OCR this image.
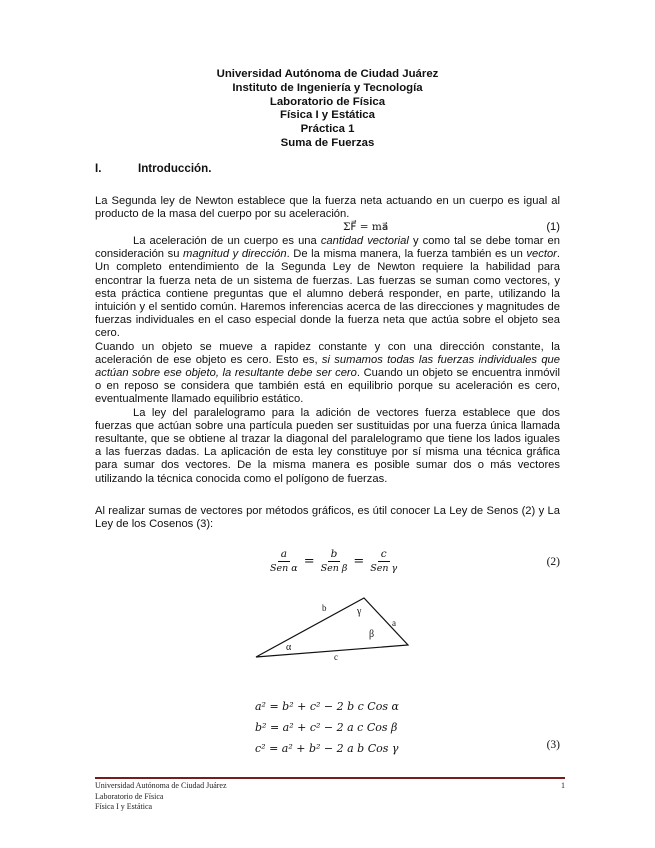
Universidad Autónoma de Ciudad Juárez
Instituto de Ingeniería y Tecnología
Laboratorio de Física
Física I y Estática
Práctica 1
Suma de Fuerzas
I.	Introducción.

La Segunda ley de Newton establece que la fuerza neta actuando en un cuerpo es igual al producto de la masa del cuerpo por su aceleración.

ΣF⃗ = ma⃗	(1)

La aceleración de un cuerpo es una cantidad vectorial y como tal se debe tomar en consideración su magnitud y dirección. De la misma manera, la fuerza también es un vector. Un completo entendimiento de la Segunda Ley de Newton requiere la habilidad para encontrar la fuerza neta de un sistema de fuerzas. Las fuerzas se suman como vectores, y esta práctica contiene preguntas que el alumno deberá responder, en parte, utilizando la intuición y el sentido común. Haremos inferencias acerca de las direcciones y magnitudes de fuerzas individuales en el caso especial donde la fuerza neta que actúa sobre el objeto sea cero.

Cuando un objeto se mueve a rapidez constante y con una dirección constante, la aceleración de ese objeto es cero. Esto es, si sumamos todas las fuerzas individuales que actúan sobre ese objeto, la resultante debe ser cero. Cuando un objeto se encuentra inmóvil o en reposo se considera que también está en equilibrio porque su aceleración es cero, eventualmente llamado equilibrio estático.

La ley del paralelogramo para la adición de vectores fuerza establece que dos fuerzas que actúan sobre una partícula pueden ser sustituidas por una fuerza única llamada resultante, que se obtiene al trazar la diagonal del paralelogramo que tiene los lados iguales a las fuerzas dadas. La aplicación de esta ley constituye por sí misma una técnica gráfica para sumar dos vectores. De la misma manera es posible sumar dos o más vectores utilizando la técnica conocida como el polígono de fuerzas.

Al realizar sumas de vectores por métodos gráficos, es útil conocer La Ley de Senos (2) y La Ley de los Cosenos (3):

$\frac{a}{\text{Sen α}} = \frac{b}{\text{Sen β}} = \frac{c}{\text{Sen γ}}$	(2)
b	γ
a
β
α
c
a² = b² + c² − 2 b c Cos α
b² = a² + c² − 2 a c Cos β
c² = a² + b² − 2 a b Cos γ	(3)
Universidad Autónoma de Ciudad Juárez
Laboratorio de Física
Física I y Estática
1
